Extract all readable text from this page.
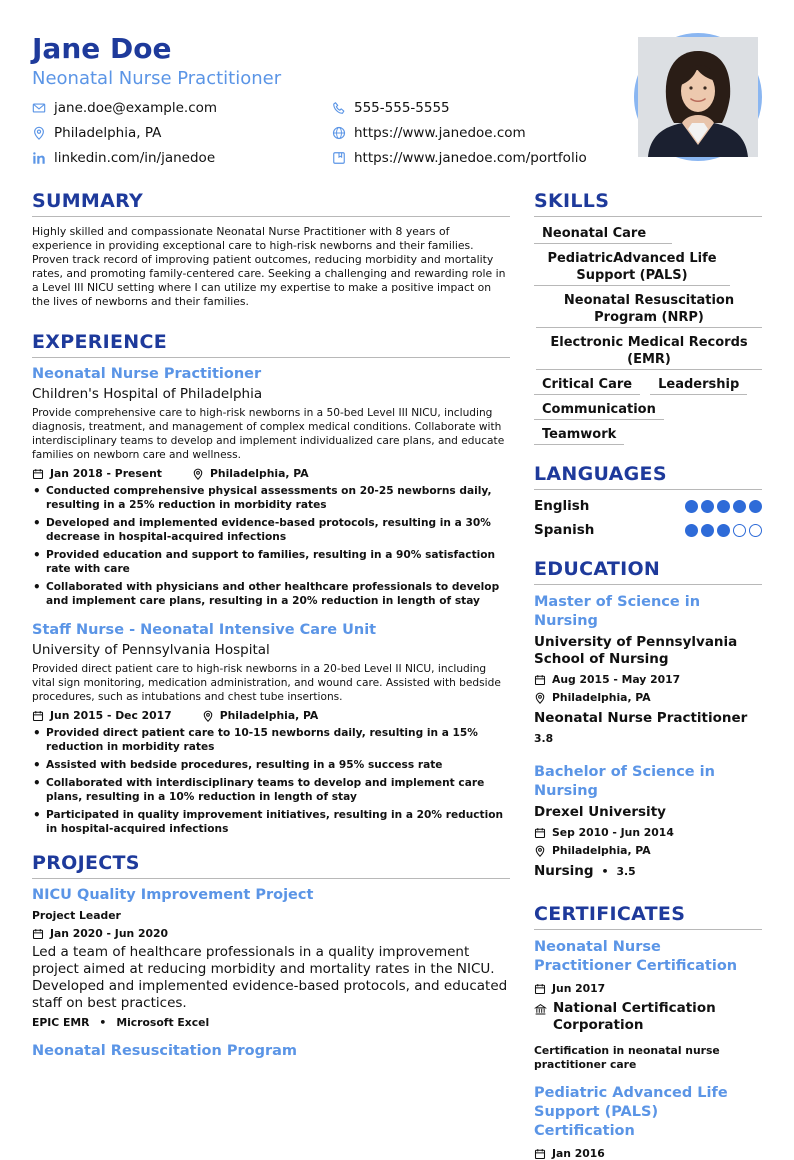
Jane Doe
Neonatal Nurse Practitioner
jane.doe@example.com	555-555-5555
Philadelphia, PA	https://www.janedoe.com
linkedin.com/in/janedoe	https://www.janedoe.com/portfolio
SUMMARY
Highly skilled and compassionate Neonatal Nurse Practitioner with 8 years of experience in providing exceptional care to high-risk newborns and their families. Proven track record of improving patient outcomes, reducing morbidity and mortality rates, and promoting family-centered care. Seeking a challenging and rewarding role in a Level III NICU setting where I can utilize my expertise to make a positive impact on the lives of newborns and their families.
EXPERIENCE
Neonatal Nurse Practitioner
Children's Hospital of Philadelphia
Provide comprehensive care to high-risk newborns in a 50-bed Level III NICU, including diagnosis, treatment, and management of complex medical conditions. Collaborate with interdisciplinary teams to develop and implement individualized care plans, and educate families on newborn care and wellness.
Jan 2018 - Present	Philadelphia, PA
• Conducted comprehensive physical assessments on 20-25 newborns daily, resulting in a 25% reduction in morbidity rates
• Developed and implemented evidence-based protocols, resulting in a 30% decrease in hospital-acquired infections
• Provided education and support to families, resulting in a 90% satisfaction rate with care
• Collaborated with physicians and other healthcare professionals to develop and implement care plans, resulting in a 20% reduction in length of stay
Staff Nurse - Neonatal Intensive Care Unit
University of Pennsylvania Hospital
Provided direct patient care to high-risk newborns in a 20-bed Level II NICU, including vital sign monitoring, medication administration, and wound care. Assisted with bedside procedures, such as intubations and chest tube insertions.
Jun 2015 - Dec 2017	Philadelphia, PA
• Provided direct patient care to 10-15 newborns daily, resulting in a 15% reduction in morbidity rates
• Assisted with bedside procedures, resulting in a 95% success rate
• Collaborated with interdisciplinary teams to develop and implement care plans, resulting in a 10% reduction in length of stay
• Participated in quality improvement initiatives, resulting in a 20% reduction in hospital-acquired infections
PROJECTS
NICU Quality Improvement Project
Project Leader
Jan 2020 - Jun 2020
Led a team of healthcare professionals in a quality improvement project aimed at reducing morbidity and mortality rates in the NICU. Developed and implemented evidence-based protocols, and educated staff on best practices.
EPIC EMR • Microsoft Excel
Neonatal Resuscitation Program
SKILLS
Neonatal Care
PediatricAdvanced Life Support (PALS)
Neonatal Resuscitation Program (NRP)
Electronic Medical Records (EMR)
Critical Care	Leadership
Communication
Teamwork
LANGUAGES
English
Spanish
EDUCATION
Master of Science in Nursing
University of Pennsylvania School of Nursing
Aug 2015 - May 2017
Philadelphia, PA
Neonatal Nurse Practitioner
3.8
Bachelor of Science in Nursing
Drexel University
Sep 2010 - Jun 2014
Philadelphia, PA
Nursing • 3.5
CERTIFICATES
Neonatal Nurse Practitioner Certification
Jun 2017
National Certification Corporation
Certification in neonatal nurse practitioner care
Pediatric Advanced Life Support (PALS) Certification
Jan 2016
